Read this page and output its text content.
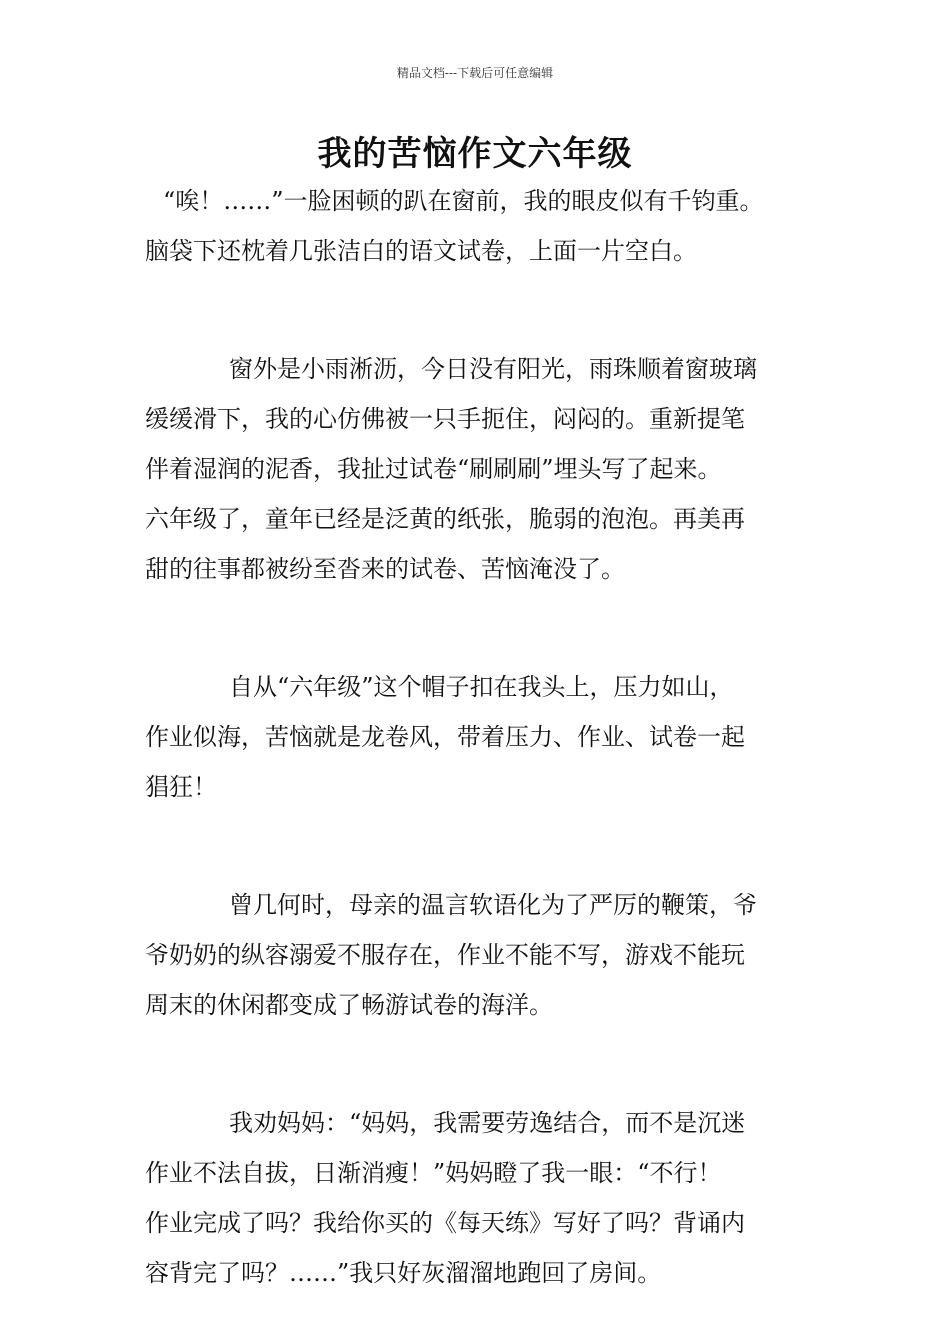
精品文档---下载后可任意编辑
我的苦恼作文六年级
“唉！……”一脸困顿的趴在窗前，我的眼皮似有千钧重。
脑袋下还枕着几张洁白的语文试卷，上面一片空白。
窗外是小雨淅沥，今日没有阳光，雨珠顺着窗玻璃
缓缓滑下，我的心仿佛被一只手扼住，闷闷的。重新提笔
伴着湿润的泥香，我扯过试卷“刷刷刷”埋头写了起来。
六年级了，童年已经是泛黄的纸张，脆弱的泡泡。再美再
甜的往事都被纷至沓来的试卷、苦恼淹没了。
自从“六年级”这个帽子扣在我头上，压力如山，
作业似海，苦恼就是龙卷风，带着压力、作业、试卷一起
猖狂！
曾几何时，母亲的温言软语化为了严厉的鞭策，爷
爷奶奶的纵容溺爱不服存在，作业不能不写，游戏不能玩
周末的休闲都变成了畅游试卷的海洋。
我劝妈妈：“妈妈，我需要劳逸结合，而不是沉迷
作业不法自拔，日渐消瘦！”妈妈瞪了我一眼：“不行！
作业完成了吗？我给你买的《每天练》写好了吗？背诵内
容背完了吗？……”我只好灰溜溜地跑回了房间。
